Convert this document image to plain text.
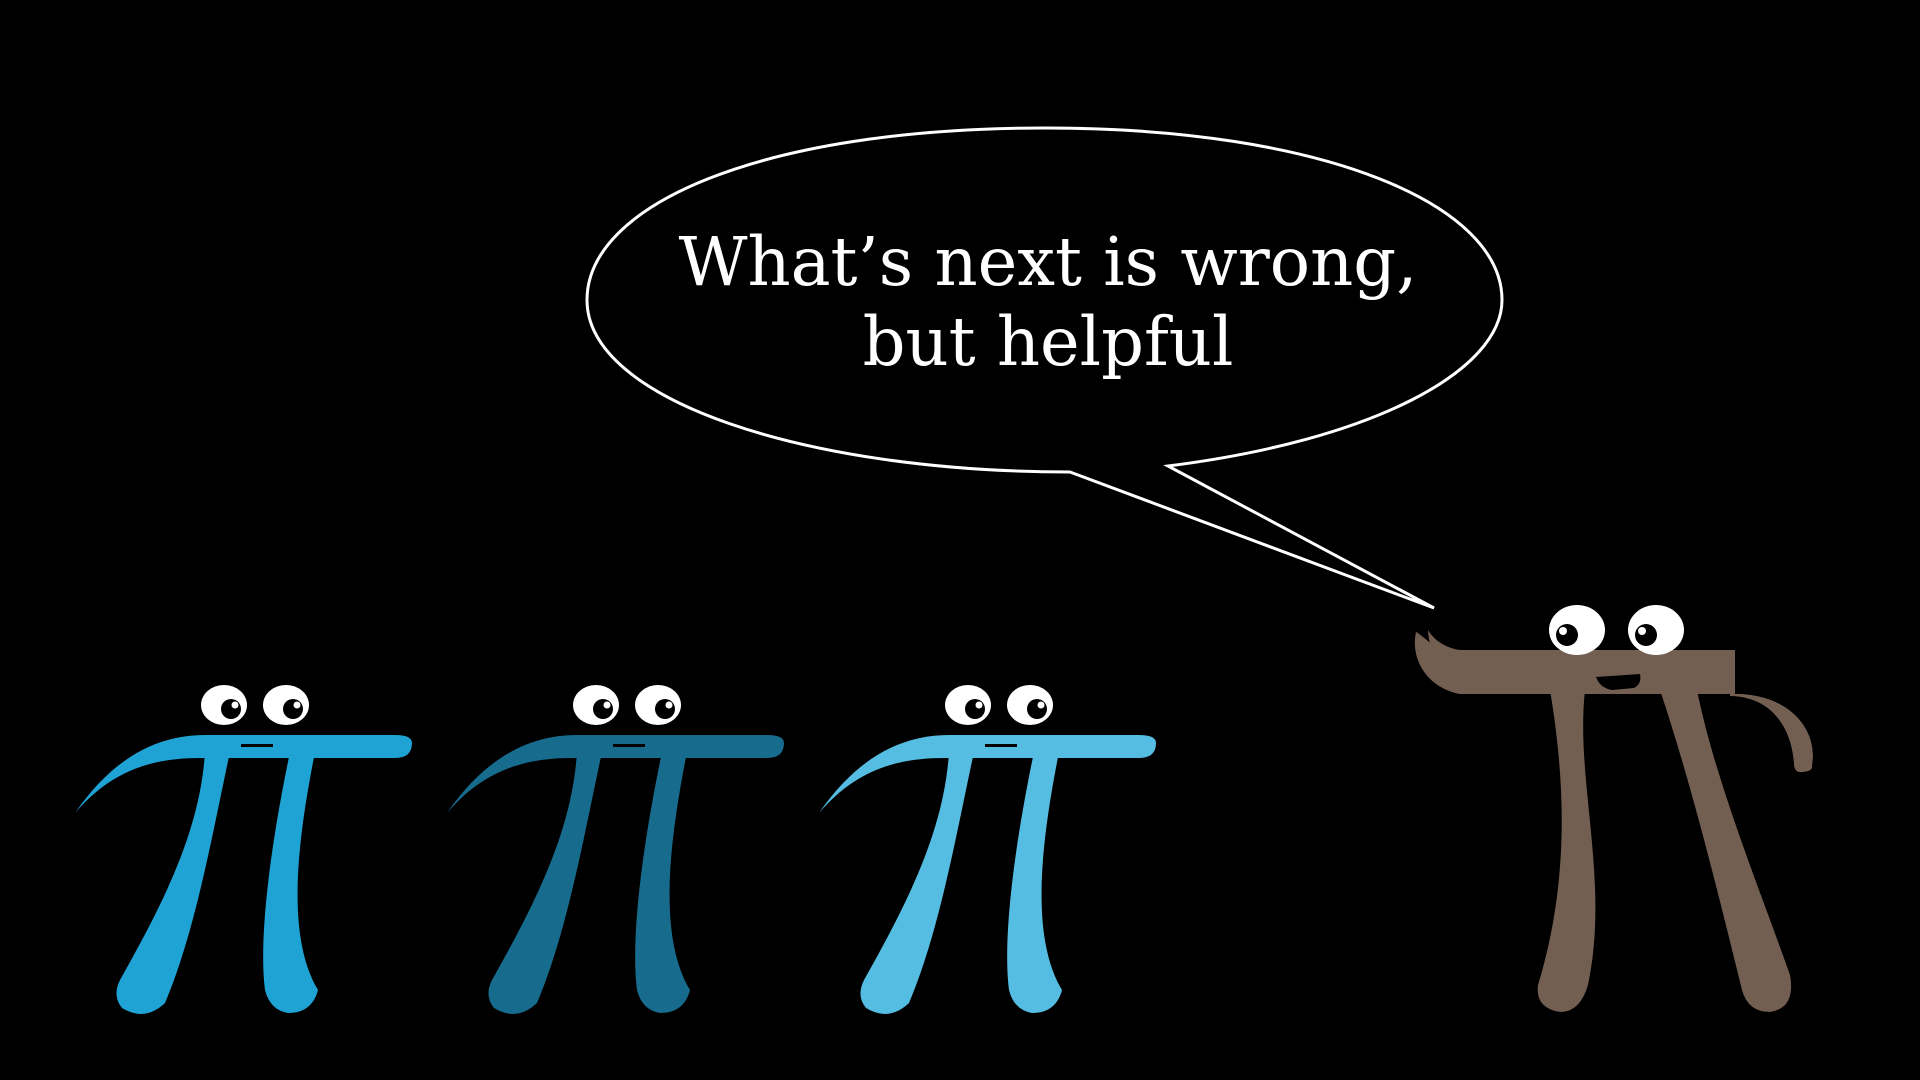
What’s next is wrong,
but helpful
